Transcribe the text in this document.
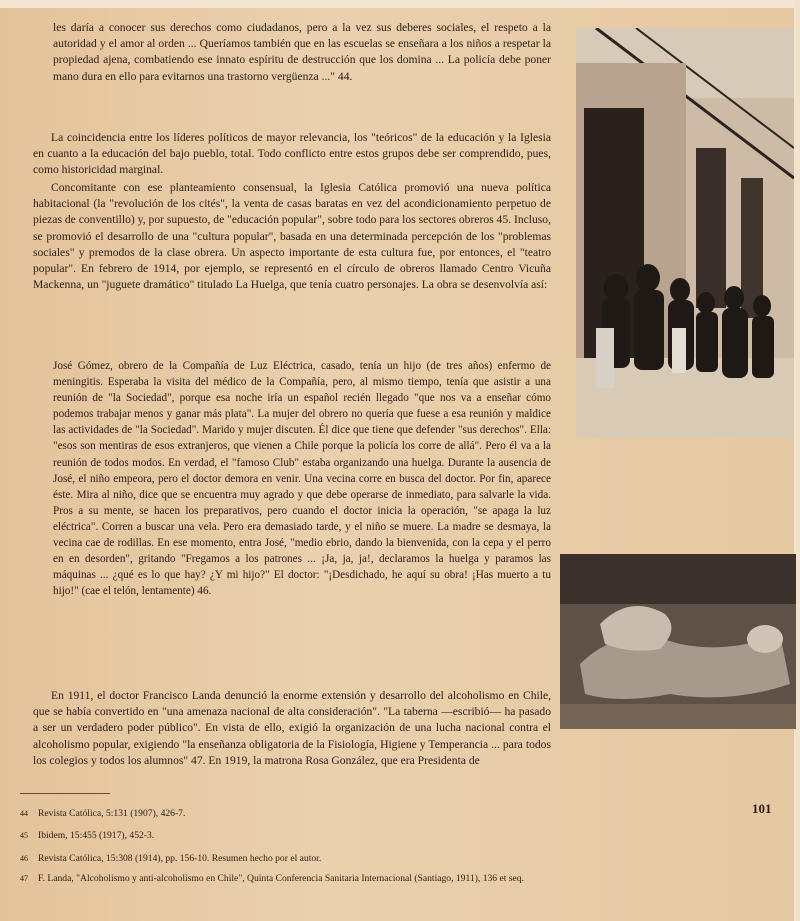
les daría a conocer sus derechos como ciudadanos, pero a la vez sus deberes sociales, el respeto a la autoridad y el amor al orden ... Queríamos también que en las escuelas se enseñara a los niños a respetar la propiedad ajena, combatiendo ese innato espíritu de destrucción que los domina ... La policía debe poner mano dura en ello para evitarnos una trastorno vergüenza ..." 44.

La coincidencia entre los líderes políticos de mayor relevancia, los "teóricos" de la educación y la Iglesia en cuanto a la educación del bajo pueblo, total. Todo conflicto entre estos grupos debe ser comprendido, pues, como historicidad marginal.

Concomitante con ese planteamiento consensual, la Iglesia Católica promovió una nueva política habitacional (la "revolución de los cités", la venta de casas baratas en vez del acondicionamiento perpetuo de piezas de conventillo) y, por supuesto, de "educación popular", sobre todo para los sectores obreros 45. Incluso, se promovió el desarrollo de una "cultura popular", basada en una determinada percepción de los "problemas sociales" y premodos de la clase obrera. Un aspecto importante de esta cultura fue, por entonces, el "teatro popular". En febrero de 1914, por ejemplo, se representó en el círculo de obreros llamado Centro Vicuña Mackenna, un "juguete dramático" titulado La Huelga, que tenía cuatro personajes. La obra se desenvolvía así:

José Gómez, obrero de la Compañía de Luz Eléctrica, casado, tenía un hijo (de tres años) enfermo de meningitis. Esperaba la visita del médico de la Compañía, pero, al mismo tiempo, tenía que asistir a una reunión de "la Sociedad", porque esa noche iría un español recién llegado "que nos va a enseñar cómo podemos trabajar menos y ganar más plata". La mujer del obrero no quería que fuese a esa reunión y maldice las actividades de "la Sociedad". Marido y mujer discuten. Él dice que tiene que defender "sus derechos". Ella: "esos son mentiras de esos extranjeros, que vienen a Chile porque la policía los corre de allá". Pero él va a la reunión de todos modos. En verdad, el "famoso Club" estaba organizando una huelga. Durante la ausencia de José, el niño empeora, pero el doctor demora en venir. Una vecina corre en busca del doctor. Por fin, aparece éste. Mira al niño, dice que se encuentra muy agrado y que debe operarse de inmediato, para salvarle la vida. Pros a su mente, se hacen los preparativos, pero cuando el doctor inicia la operación, "se apaga la luz eléctrica". Corren a buscar una vela. Pero era demasiado tarde, y el niño se muere. La madre se desmaya, la vecina cae de rodillas. En ese momento, entra José, "medio ebrio, dando la bienvenida, con la cepa y el perro en en desorden", gritando "Fregamos a los patrones ... ¡Ja, ja, ja!, declaramos la huelga y paramos las máquinas ... ¿qué es lo que hay? ¿Y mi hijo?" El doctor: "¡Desdichado, he aquí su obra! ¡Has muerto a tu hijo!" (cae el telón, lentamente) 46.

En 1911, el doctor Francisco Landa denunció la enorme extensión y desarrollo del alcoholismo en Chile, que se había convertido en "una amenaza nacional de alta consideración". "La taberna —escribió— ha pasado a ser un verdadero poder público". En vista de ello, exigió la organización de una lucha nacional contra el alcoholismo popular, exigiendo "la enseñanza obligatoria de la Fisiología, Higiene y Temperancia ... para todos los colegios y todos los alumnos" 47. En 1919, la matrona Rosa González, que era Presidenta de

44 Revista Católica, 5:131 (1907), 426-7.
45 Ibidem, 15:455 (1917), 452-3.
46 Revista Católica, 15:308 (1914), pp. 156-10. Resumen hecho por el autor.
47 F. Landa, "Alcoholismo y anti-alcoholismo en Chile", Quinta Conferencia Sanitaria Internacional (Santiago, 1911), 136 et seq.
101
